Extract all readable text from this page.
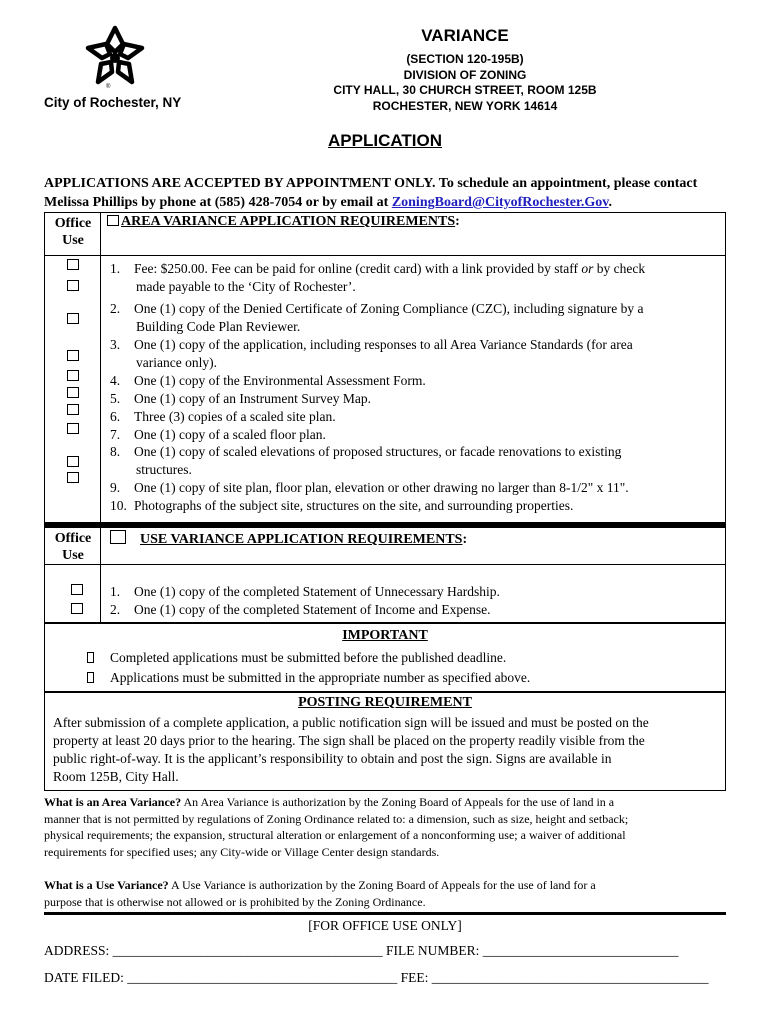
®
City of Rochester, NY
VARIANCE
(SECTION 120-195B)
DIVISION OF ZONING
CITY HALL, 30 CHURCH STREET, ROOM 125B
ROCHESTER, NEW YORK 14614
APPLICATION
APPLICATIONS ARE ACCEPTED BY APPOINTMENT ONLY. To schedule an appointment, please contact Melissa Phillips by phone at (585) 428-7054 or by email at ZoningBoard@CityofRochester.Gov.
Office
Use
AREA VARIANCE APPLICATION REQUIREMENTS:
1. Fee: $250.00. Fee can be paid for online (credit card) with a link provided by staff or by check
made payable to the ‘City of Rochester’.
2. One (1) copy of the Denied Certificate of Zoning Compliance (CZC), including signature by a
Building Code Plan Reviewer.
3. One (1) copy of the application, including responses to all Area Variance Standards (for area
variance only).
4. One (1) copy of the Environmental Assessment Form.
5. One (1) copy of an Instrument Survey Map.
6. Three (3) copies of a scaled site plan.
7. One (1) copy of a scaled floor plan.
8. One (1) copy of scaled elevations of proposed structures, or facade renovations to existing
structures.
9. One (1) copy of site plan, floor plan, elevation or other drawing no larger than 8-1/2" x 11".
10. Photographs of the subject site, structures on the site, and surrounding properties.
Office
Use
USE VARIANCE APPLICATION REQUIREMENTS:
1. One (1) copy of the completed Statement of Unnecessary Hardship.
2. One (1) copy of the completed Statement of Income and Expense.
IMPORTANT
Completed applications must be submitted before the published deadline.
Applications must be submitted in the appropriate number as specified above.
POSTING REQUIREMENT
After submission of a complete application, a public notification sign will be issued and must be posted on the
property at least 20 days prior to the hearing. The sign shall be placed on the property readily visible from the
public right-of-way. It is the applicant’s responsibility to obtain and post the sign. Signs are available in
Room 125B, City Hall.
What is an Area Variance? An Area Variance is authorization by the Zoning Board of Appeals for the use of land in a
manner that is not permitted by regulations of Zoning Ordinance related to: a dimension, such as size, height and setback;
physical requirements; the expansion, structural alteration or enlargement of a nonconforming use; a waiver of additional
requirements for specified uses; any City-wide or Village Center design standards.
What is a Use Variance? A Use Variance is authorization by the Zoning Board of Appeals for the use of land for a
purpose that is otherwise not allowed or is prohibited by the Zoning Ordinance.
[FOR OFFICE USE ONLY]
ADDRESS: ________________________________________ FILE NUMBER: _____________________________
DATE FILED: ________________________________________ FEE: _________________________________________
